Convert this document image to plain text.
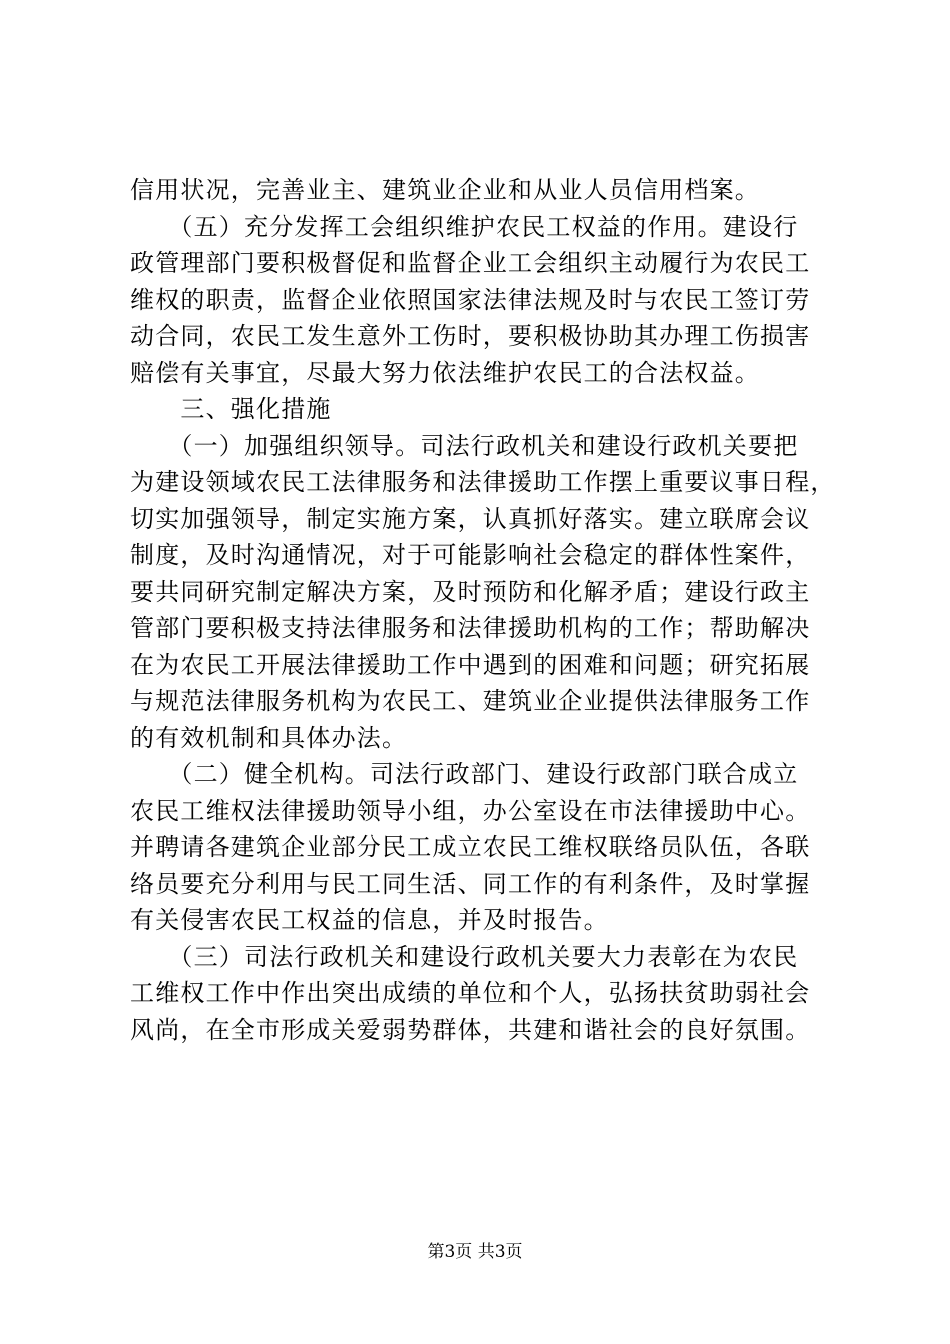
信用状况，完善业主、建筑业企业和从业人员信用档案。
　　（五）充分发挥工会组织维护农民工权益的作用。建设行
政管理部门要积极督促和监督企业工会组织主动履行为农民工
维权的职责，监督企业依照国家法律法规及时与农民工签订劳
动合同，农民工发生意外工伤时，要积极协助其办理工伤损害
赔偿有关事宜，尽最大努力依法维护农民工的合法权益。
　　三、强化措施
　　（一）加强组织领导。司法行政机关和建设行政机关要把
为建设领域农民工法律服务和法律援助工作摆上重要议事日程，
切实加强领导，制定实施方案，认真抓好落实。建立联席会议
制度，及时沟通情况，对于可能影响社会稳定的群体性案件，
要共同研究制定解决方案，及时预防和化解矛盾；建设行政主
管部门要积极支持法律服务和法律援助机构的工作；帮助解决
在为农民工开展法律援助工作中遇到的困难和问题；研究拓展
与规范法律服务机构为农民工、建筑业企业提供法律服务工作
的有效机制和具体办法。
　　（二）健全机构。司法行政部门、建设行政部门联合成立
农民工维权法律援助领导小组，办公室设在市法律援助中心。
并聘请各建筑企业部分民工成立农民工维权联络员队伍，各联
络员要充分利用与民工同生活、同工作的有利条件，及时掌握
有关侵害农民工权益的信息，并及时报告。
　　（三）司法行政机关和建设行政机关要大力表彰在为农民
工维权工作中作出突出成绩的单位和个人，弘扬扶贫助弱社会
风尚，在全市形成关爱弱势群体，共建和谐社会的良好氛围。
第3页 共3页
